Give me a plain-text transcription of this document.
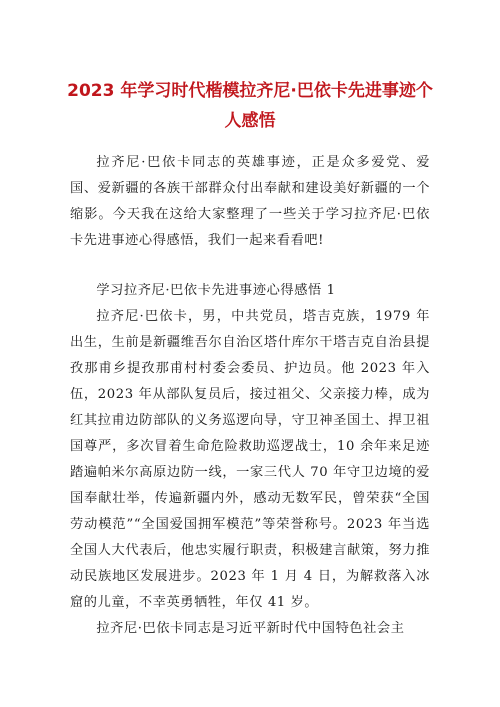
2023 年学习时代楷模拉齐尼·巴依卡先进事迹个人感悟

拉齐尼·巴依卡同志的英雄事迹，正是众多爱党、爱国、爱新疆的各族干部群众付出奉献和建设美好新疆的一个缩影。今天我在这给大家整理了一些关于学习拉齐尼·巴依卡先进事迹心得感悟，我们一起来看看吧!

学习拉齐尼·巴依卡先进事迹心得感悟 1

拉齐尼·巴依卡，男，中共党员，塔吉克族，1979 年出生，生前是新疆维吾尔自治区塔什库尔干塔吉克自治县提孜那甫乡提孜那甫村村委会委员、护边员。他 2023 年入伍，2023 年从部队复员后，接过祖父、父亲接力棒，成为红其拉甫边防部队的义务巡逻向导，守卫神圣国土、捍卫祖国尊严，多次冒着生命危险救助巡逻战士，10 余年来足迹踏遍帕米尔高原边防一线，一家三代人 70 年守卫边境的爱国奉献壮举，传遍新疆内外，感动无数军民，曾荣获“全国劳动模范”“全国爱国拥军模范”等荣誉称号。2023 年当选全国人大代表后，他忠实履行职责，积极建言献策，努力推动民族地区发展进步。2023 年 1 月 4 日，为解救落入冰窟的儿童，不幸英勇牺牲，年仅 41 岁。

拉齐尼·巴依卡同志是习近平新时代中国特色社会主
